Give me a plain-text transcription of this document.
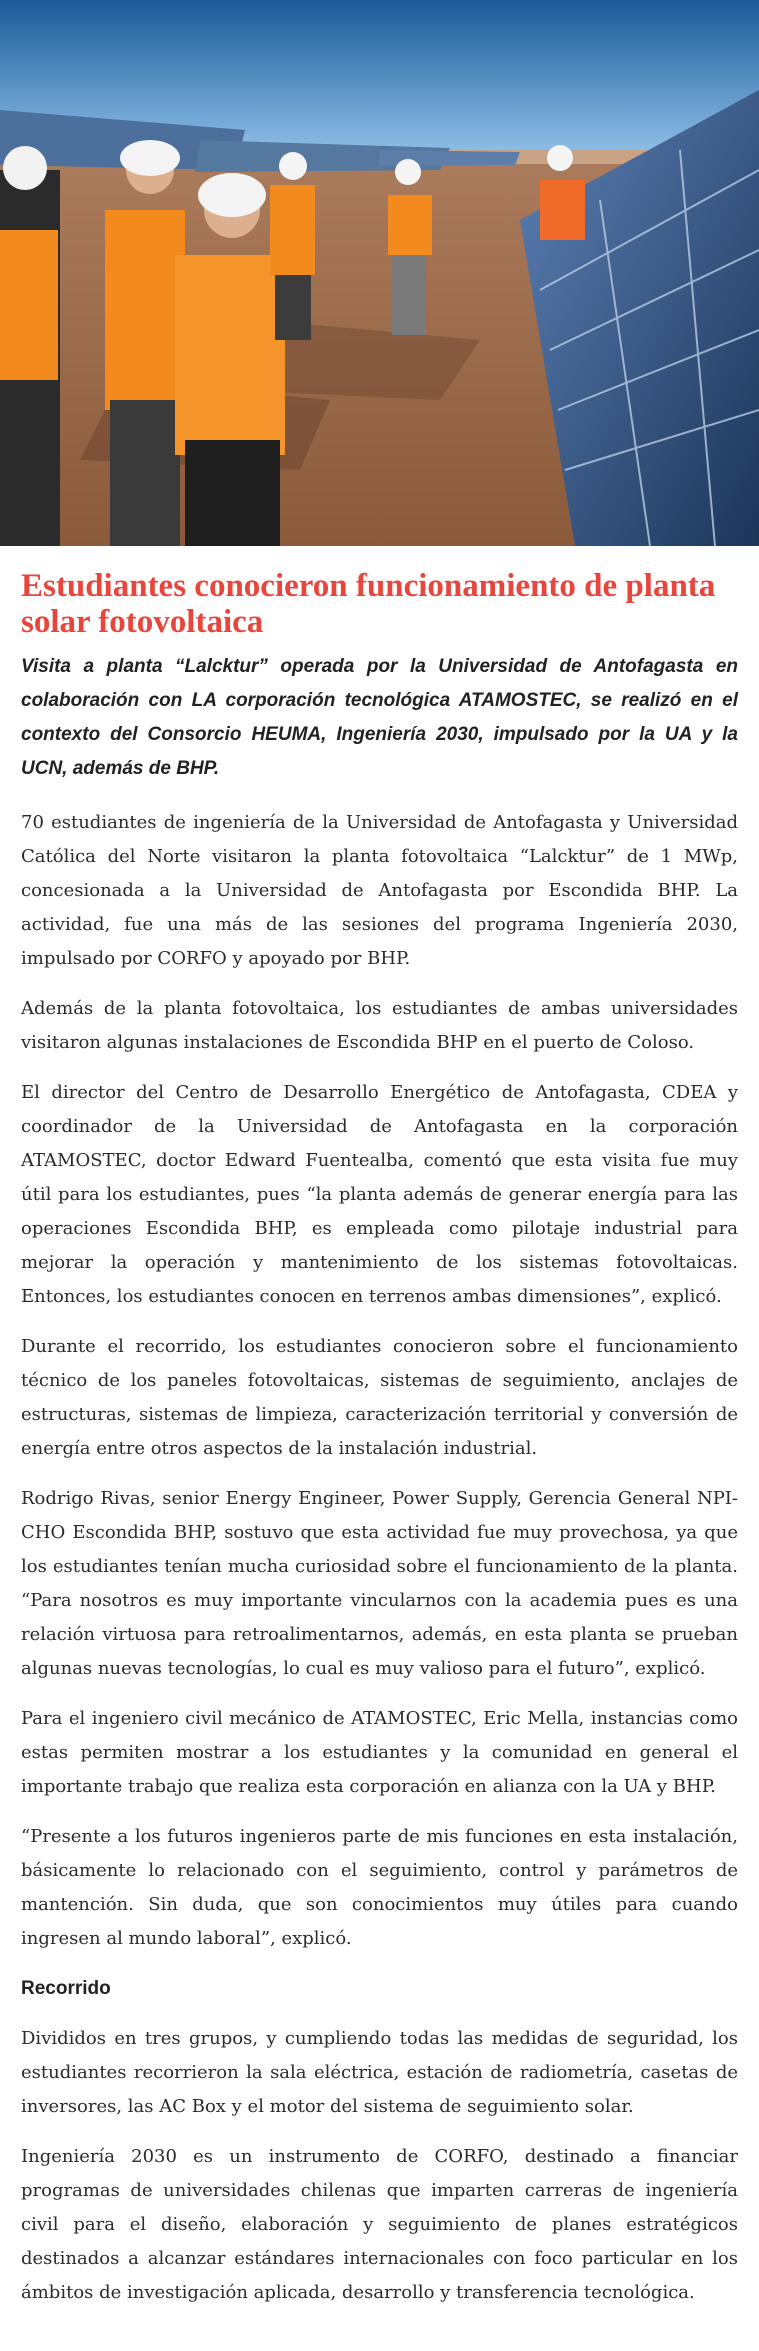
Estudiantes conocieron funcionamiento de planta solar fotovoltaica

Visita a planta “Lalcktur” operada por la Universidad de Antofagasta en colaboración con LA corporación tecnológica ATAMOSTEC, se realizó en el contexto del Consorcio HEUMA, Ingeniería 2030, impulsado por la UA y la UCN, además de BHP.

70 estudiantes de ingeniería de la Universidad de Antofagasta y Universidad Católica del Norte visitaron la planta fotovoltaica “Lalcktur” de 1 MWp, concesionada a la Universidad de Antofagasta por Escondida BHP. La actividad, fue una más de las sesiones del programa Ingeniería 2030, impulsado por CORFO y apoyado por BHP.

Además de la planta fotovoltaica, los estudiantes de ambas universidades visitaron algunas instalaciones de Escondida BHP en el puerto de Coloso.

El director del Centro de Desarrollo Energético de Antofagasta, CDEA y coordinador de la Universidad de Antofagasta en la corporación ATAMOSTEC, doctor Edward Fuentealba, comentó que esta visita fue muy útil para los estudiantes, pues “la planta además de generar energía para las operaciones Escondida BHP, es empleada como pilotaje industrial para mejorar la operación y mantenimiento de los sistemas fotovoltaicas. Entonces, los estudiantes conocen en terrenos ambas dimensiones”, explicó.

Durante el recorrido, los estudiantes conocieron sobre el funcionamiento técnico de los paneles fotovoltaicas, sistemas de seguimiento, anclajes de estructuras, sistemas de limpieza, caracterización territorial y conversión de energía entre otros aspectos de la instalación industrial.

Rodrigo Rivas, senior Energy Engineer, Power Supply, Gerencia General NPI-CHO Escondida BHP, sostuvo que esta actividad fue muy provechosa, ya que los estudiantes tenían mucha curiosidad sobre el funcionamiento de la planta. “Para nosotros es muy importante vincularnos con la academia pues es una relación virtuosa para retroalimentarnos, además, en esta planta se prueban algunas nuevas tecnologías, lo cual es muy valioso para el futuro”, explicó.

Para el ingeniero civil mecánico de ATAMOSTEC, Eric Mella, instancias como estas permiten mostrar a los estudiantes y la comunidad en general el importante trabajo que realiza esta corporación en alianza con la UA y BHP.

“Presente a los futuros ingenieros parte de mis funciones en esta instalación, básicamente lo relacionado con el seguimiento, control y parámetros de mantención. Sin duda, que son conocimientos muy útiles para cuando ingresen al mundo laboral”, explicó.

Recorrido

Divididos en tres grupos, y cumpliendo todas las medidas de seguridad, los estudiantes recorrieron la sala eléctrica, estación de radiometría, casetas de inversores, las AC Box y el motor del sistema de seguimiento solar.

Ingeniería 2030 es un instrumento de CORFO, destinado a financiar programas de universidades chilenas que imparten carreras de ingeniería civil para el diseño, elaboración y seguimiento de planes estratégicos destinados a alcanzar estándares internacionales con foco particular en los ámbitos de investigación aplicada, desarrollo y transferencia tecnológica.
